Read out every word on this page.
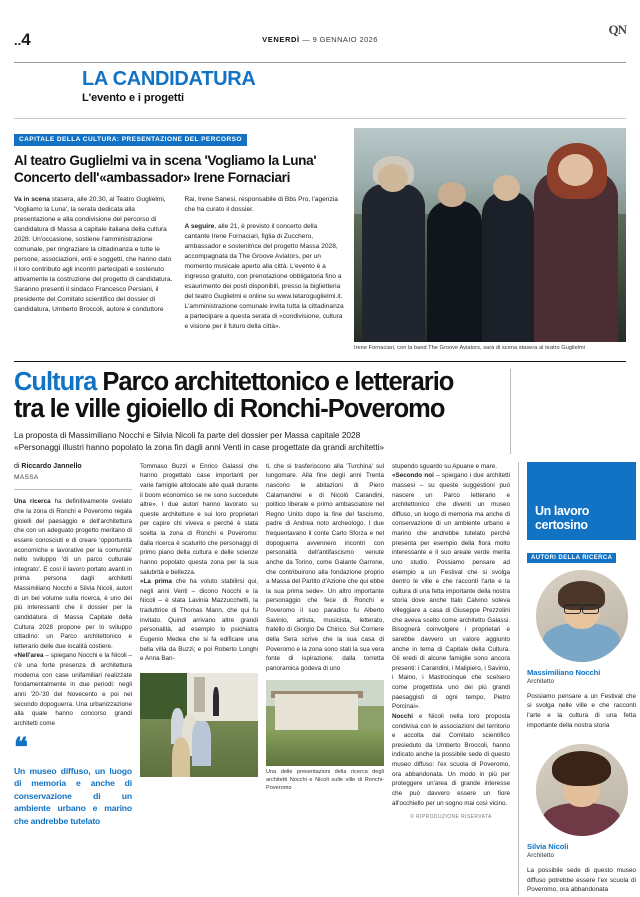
..4	VENERDÌ — 9 GENNAIO 2026
QN
LA CANDIDATURA
L'evento e i progetti
CAPITALE DELLA CULTURA: PRESENTAZIONE DEL PERCORSO
Al teatro Guglielmi va in scena 'Vogliamo la Luna'
Concerto dell'«ambassador» Irene Fornaciari

Va in scena stasera, alle 20.30, al Teatro Guglielmi, 'Vogliamo la Luna', la serata dedicata alla presentazione e alla condivisione del percorso di candidatura di Massa a capitale italiana della cultura 2028. Un'occasione, sostiene l'amministrazione comunale, per ringraziare la cittadinanza e tutte le persone, associazioni, enti e soggetti, che hanno dato il loro contributo agli incontri partecipati e sostenuto attivamente la costruzione del progetto di candidatura. Saranno presenti il sindaco Francesco Persiani, il presidente del Comitato scientifico del dossier di candidatura, Umberto Broccoli, autore e conduttore Rai, Irene Sanesi, responsabile di Bbs Pro, l'agenzia che ha curato il dossier.

A seguire, alle 21, è previsto il concerto della cantante Irene Fornaciari, figlia di Zucchero, ambassador e sostenitrice del progetto Massa 2028, accompagnata da The Groove Aviators, per un momento musicale aperto alla città. L'evento è a ingresso gratuito, con prenotazione obbligatoria fino a esaurimento dei posti disponibili, presso la biglietteria del teatro Guglielmi e online su www.tetaroguglielmi.it. L'amministrazione comunale invita tutta la cittadinanza a partecipare a questa serata di «condivisione, cultura e visione per il futuro della città».

Irene Fornaciari, con la band The Groove Aviators, sarà di scena stasera al teatro Guglielmi
Cultura Parco architettonico e letterario
tra le ville gioiello di Ronchi-Poveromo
La proposta di Massimiliano Nocchi e Silvia Nicoli fa parte del dossier per Massa capitale 2028
«Personaggi illustri hanno popolato la zona fin dagli anni Venti in case progettate da grandi architetti»
di Riccardo Jannello
MASSA

Una ricerca ha definitivamente svelato che la zona di Ronchi e Poveromo regala gioielli del paesaggio e dell'architettura che con un adeguato progetto meritano di essere conosciuti e di creare 'opportunità economiche e lavorative per la comunità' nello sviluppo 'di un parco culturale integrato'. E così il lavoro portato avanti in prima persona dagli architetti Massimiliano Nocchi e Silvia Nicoli, autori di un bel volume sulla ricerca, è uno dei più interessanti che il dossier per la candidatura di Massa Capitale della Cultura 2028 propone per lo sviluppo cittadino: un Parco architettonico e letterario delle due località costiere.

«Nell'area – spiegano Nocchi e la Nicoli – c'è una forte presenza di architettura moderna con case unifamiliari realizzate fondamentalmente in due periodi: negli anni '20-'30 del Novecento e poi nel secondo dopoguerra. Una urbanizzazione alla quale hanno concorso grandi architetti come

❝
Un museo diffuso, un luogo di memoria e anche di conservazione di un ambiente urbano e marino che andrebbe tutelato

Tommaso Buzzi e Enrico Galassi che hanno progettato case importanti per varie famiglie altolocate alle quali durante il boom economico se ne sono succedute altre». I due autori hanno lavorato su queste architetture e sui loro proprietari per capire chi viveva e perché è stata scelta la zona di Ronchi e Poveromo: dalla ricerca è scaturito che personaggi di primo piano della cultura e delle scienze hanno popolato questa zona per la sua salubrità e bellezza.

«La prima che ha voluto stabilirsi qui, negli anni Venti – dicono Nocchi e la Nicoli – è stata Lavinia Mazzucchetti, la traduttrice di Thomas Mann, che qui fu invitato. Quindi arrivano altre grandi personalità, ad esempio lo psichiatra Eugenio Medea che si fa edificare una bella villa da Buzzi; e poi Roberto Longhi e Anna Ban-

ti, che si trasferiscono alla 'Turchina' sul lungomare. Alla fine degli anni Trenta nascono le abitazioni di Piero Calamandrei e di Nicolò Carandini, politico liberale e primo ambasciatore nel Regno Unito dopo la fine del fascismo, padre di Andrea noto archeologo. I due frequentavano il conte Carlo Sforza e nel dopoguerra avvennero incontri con personalità dell'antifascismo venute anche da Torino, come Galante Garrone, che contribuirono alla fondazione proprio a Massa del Partito d'Azione che qui ebbe la sua prima sede». Un altro importante personaggio che fece di Ronchi e Poveromo il suo paradiso fu Alberto Savinio, artista, musicista, letterato, fratello di Giorgio De Chirico. Sul Corriere della Sera scrive che la sua casa di Poveromo e la zona sono stati la sua vera fonte di ispirazione: dalla torretta panoramica godeva di uno

Una delle presentazioni della ricerca degli architetti Nocchi e Nicoli sulle ville di Ronchi-Poveromo

stupendo sguardo su Apuane e mare.

«Secondo noi – spiegano i due architetti massesi – su queste suggestioni può nascere un Parco letterario e architettonico che diventi un museo diffuso, un luogo di memoria ma anche di conservazione di un ambiente urbano e marino che andrebbe tutelato perché presenta per esempio della flora molto interessante e il suo areale verde merita uno studio. Possiamo pensare ad esempio a un Festival che si svolga dentro le ville e che racconti l'arte e la cultura di una fetta importante della nostra storia dove anche Italo Calvino soleva villeggiare a casa di Giuseppe Prezzolini che aveva scelto come architetto Galassi. Bisognerà coinvolgere i proprietari e sarebbe davvero un valore aggiunto anche in tema di Capitale della Cultura. Gli eredi di alcune famiglie sono ancora presenti: i Carandini, i Malipiero, i Savinio, i Maino, i Mastrocinque che scelsero come progettista uno dei più grandi paesaggisti di ogni tempo, Pietro Porcinai».

Nocchi e Nicoli nella loro proposta condivisa con le associazioni del territorio e accolta dal Comitato scientifico presieduto da Umberto Broccoli, hanno indicato anche la possibile sede di questo museo diffuso: l'ex scuola di Poveromo, ora abbandonata. Un modo in più per proteggere un'area di grande interesse che può davvero essere un fiore all'occhiello per un sogno mai così vicino.

© RIPRODUZIONE RISERVATA
Un lavoro
certosino
AUTORI DELLA RICERCA
Massimiliano Nocchi
Architetto
Possiamo pensare a un Festival che si svolga nelle ville e che racconti l'arte e la cultura di una fetta importante della nostra storia
Silvia Nicoli
Architetto
La possibile sede di questo museo diffuso potrebbe essere l'ex scuola di Poveromo, ora abbandonata
